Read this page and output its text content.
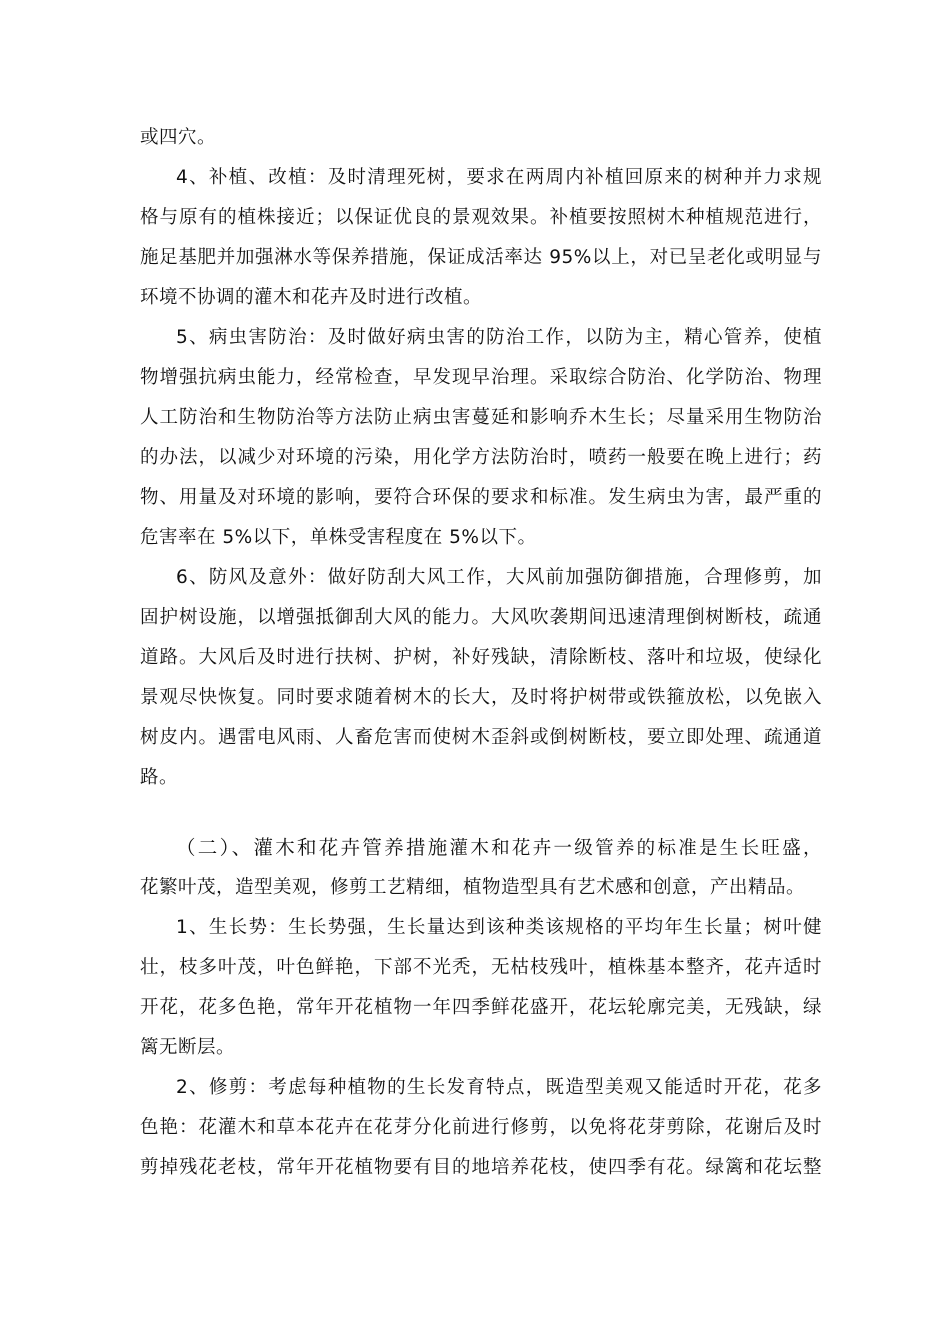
或四穴。
4、补植、改植：及时清理死树，要求在两周内补植回原来的树种并力求规
格与原有的植株接近；以保证优良的景观效果。补植要按照树木种植规范进行，
施足基肥并加强淋水等保养措施，保证成活率达 95%以上，对已呈老化或明显与
环境不协调的灌木和花卉及时进行改植。
5、病虫害防治：及时做好病虫害的防治工作，以防为主，精心管养，使植
物增强抗病虫能力，经常检查，早发现早治理。采取综合防治、化学防治、物理
人工防治和生物防治等方法防止病虫害蔓延和影响乔木生长；尽量采用生物防治
的办法，以减少对环境的污染，用化学方法防治时，喷药一般要在晚上进行；药
物、用量及对环境的影响，要符合环保的要求和标准。发生病虫为害，最严重的
危害率在 5%以下，单株受害程度在 5%以下。
6、防风及意外：做好防刮大风工作，大风前加强防御措施，合理修剪，加
固护树设施，以增强抵御刮大风的能力。大风吹袭期间迅速清理倒树断枝，疏通
道路。大风后及时进行扶树、护树，补好残缺，清除断枝、落叶和垃圾，使绿化
景观尽快恢复。同时要求随着树木的长大，及时将护树带或铁箍放松，以免嵌入
树皮内。遇雷电风雨、人畜危害而使树木歪斜或倒树断枝，要立即处理、疏通道
路。
（二）、灌木和花卉管养措施灌木和花卉一级管养的标准是生长旺盛，
花繁叶茂，造型美观，修剪工艺精细，植物造型具有艺术感和创意，产出精品。
1、生长势：生长势强，生长量达到该种类该规格的平均年生长量；树叶健
壮，枝多叶茂，叶色鲜艳，下部不光秃，无枯枝残叶，植株基本整齐，花卉适时
开花，花多色艳，常年开花植物一年四季鲜花盛开，花坛轮廓完美，无残缺，绿
篱无断层。
2、修剪：考虑每种植物的生长发育特点，既造型美观又能适时开花，花多
色艳：花灌木和草本花卉在花芽分化前进行修剪，以免将花芽剪除，花谢后及时
剪掉残花老枝，常年开花植物要有目的地培养花枝，使四季有花。绿篱和花坛整
